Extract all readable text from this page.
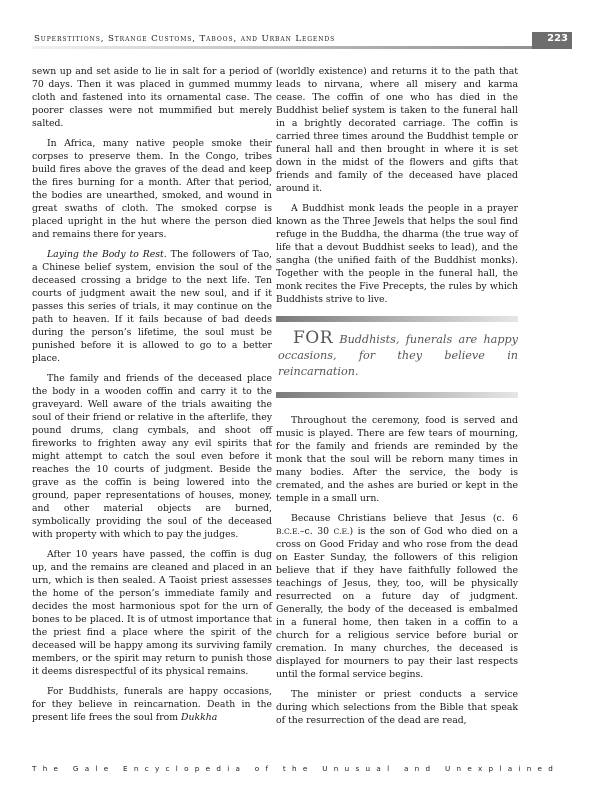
Superstitions, Strange Customs, Taboos, and Urban Legends	223

sewn up and set aside to lie in salt for a period of 70 days. Then it was placed in gummed mummy cloth and fastened into its ornamental case. The poorer classes were not mummified but merely salted.

In Africa, many native people smoke their corpses to preserve them. In the Congo, tribes build fires above the graves of the dead and keep the fires burning for a month. After that period, the bodies are unearthed, smoked, and wound in great swaths of cloth. The smoked corpse is placed upright in the hut where the person died and remains there for years.

Laying the Body to Rest. The followers of Tao, a Chinese belief system, envision the soul of the deceased crossing a bridge to the next life. Ten courts of judgment await the new soul, and if it passes this series of trials, it may continue on the path to heaven. If it fails because of bad deeds during the person’s lifetime, the soul must be punished before it is allowed to go to a better place.

The family and friends of the deceased place the body in a wooden coffin and carry it to the graveyard. Well aware of the trials awaiting the soul of their friend or relative in the afterlife, they pound drums, clang cymbals, and shoot off fireworks to frighten away any evil spirits that might attempt to catch the soul even before it reaches the 10 courts of judgment. Beside the grave as the coffin is being lowered into the ground, paper representations of houses, money, and other material objects are burned, symbolically providing the soul of the deceased with property with which to pay the judges.

After 10 years have passed, the coffin is dug up, and the remains are cleaned and placed in an urn, which is then sealed. A Taoist priest assesses the home of the person’s immediate family and decides the most harmonious spot for the urn of bones to be placed. It is of utmost importance that the priest find a place where the spirit of the deceased will be happy among its surviving family members, or the spirit may return to punish those it deems disrespectful of its physical remains.

For Buddhists, funerals are happy occasions, for they believe in reincarnation. Death in the present life frees the soul from Dukkha

(worldly existence) and returns it to the path that leads to nirvana, where all misery and karma cease. The coffin of one who has died in the Buddhist belief system is taken to the funeral hall in a brightly decorated carriage. The coffin is carried three times around the Buddhist temple or funeral hall and then brought in where it is set down in the midst of the flowers and gifts that friends and family of the deceased have placed around it.

A Buddhist monk leads the people in a prayer known as the Three Jewels that helps the soul find refuge in the Buddha, the dharma (the true way of life that a devout Buddhist seeks to lead), and the sangha (the unified faith of the Buddhist monks). Together with the people in the funeral hall, the monk recites the Five Precepts, the rules by which Buddhists strive to live.

FOR Buddhists, funerals are happy occasions, for they believe in reincarnation.

Throughout the ceremony, food is served and music is played. There are few tears of mourning, for the family and friends are reminded by the monk that the soul will be reborn many times in many bodies. After the service, the body is cremated, and the ashes are buried or kept in the temple in a small urn.

Because Christians believe that Jesus (c. 6 B.C.E.–c. 30 C.E.) is the son of God who died on a cross on Good Friday and who rose from the dead on Easter Sunday, the followers of this religion believe that if they have faithfully followed the teachings of Jesus, they, too, will be physically resurrected on a future day of judgment. Generally, the body of the deceased is embalmed in a funeral home, then taken in a coffin to a church for a religious service before burial or cremation. In many churches, the deceased is displayed for mourners to pay their last respects until the formal service begins.

The minister or priest conducts a service during which selections from the Bible that speak of the resurrection of the dead are read,

The Gale Encyclopedia of the Unusual and Unexplained
